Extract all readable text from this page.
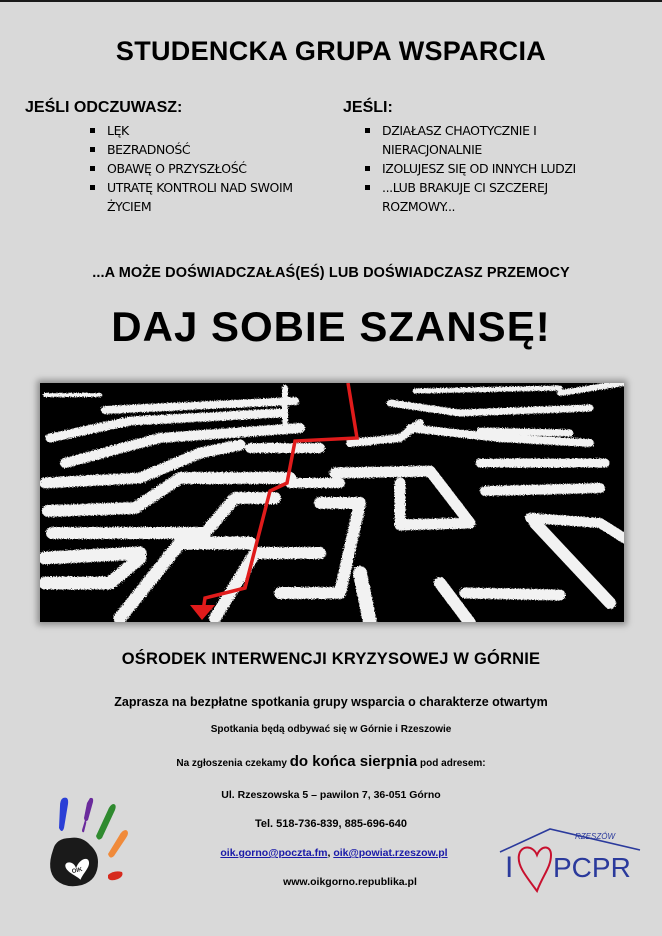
STUDENCKA GRUPA WSPARCIA
JEŚLI ODCZUWASZ:
LĘK
BEZRADNOŚĆ
OBAWĘ O PRZYSZŁOŚĆ
UTRATĘ KONTROLI NAD SWOIM ŻYCIEM
JEŚLI:
DZIAŁASZ CHAOTYCZNIE I NIERACJONALNIE
IZOLUJESZ SIĘ OD INNYCH LUDZI
...LUB BRAKUJE CI SZCZEREJ ROZMOWY...
...A MOŻE DOŚWIADCZAŁAŚ(EŚ) LUB DOŚWIADCZASZ PRZEMOCY
DAJ SOBIE SZANSĘ!
OŚRODEK INTERWENCJI KRYZYSOWEJ W GÓRNIE
Zaprasza na bezpłatne spotkania grupy wsparcia o charakterze otwartym
Spotkania będą odbywać się w Górnie i Rzeszowie
Na zgłoszenia czekamy do końca sierpnia pod adresem:
Ul. Rzeszowska 5 – pawilon 7, 36-051 Górno
Tel. 518-736-839, 885-696-640
oik.gorno@poczta.fm, oik@powiat.rzeszow.pl
www.oikgorno.republika.pl
OIK
RZESZÓW
I PCPR
